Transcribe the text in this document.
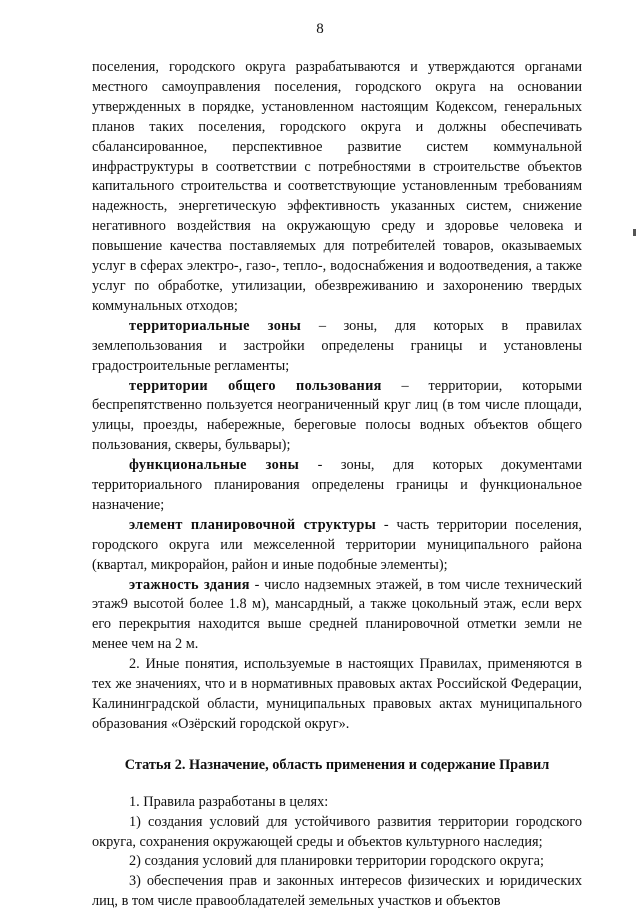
8

поселения, городского округа разрабатываются и утверждаются органами местного самоуправления поселения, городского округа на основании утвержденных в порядке, установленном настоящим Кодексом, генеральных планов таких поселения, городского округа и должны обеспечивать сбалансированное, перспективное развитие систем коммунальной инфраструктуры в соответствии с потребностями в строительстве объектов капитального строительства и соответствующие установленным требованиям надежность, энергетическую эффективность указанных систем, снижение негативного воздействия на окружающую среду и здоровье человека и повышение качества поставляемых для потребителей товаров, оказываемых услуг в сферах электро-, газо-, тепло-, водоснабжения и водоотведения, а также услуг по обработке, утилизации, обезвреживанию и захоронению твердых коммунальных отходов;

территориальные зоны – зоны, для которых в правилах землепользования и застройки определены границы и установлены градостроительные регламенты;

территории общего пользования – территории, которыми беспрепятственно пользуется неограниченный круг лиц (в том числе площади, улицы, проезды, набережные, береговые полосы водных объектов общего пользования, скверы, бульвары);

функциональные зоны - зоны, для которых документами территориального планирования определены границы и функциональное назначение;

элемент планировочной структуры - часть территории поселения, городского округа или межселенной территории муниципального района (квартал, микрорайон, район и иные подобные элементы);

этажность здания - число надземных этажей, в том числе технический этаж9 высотой более 1.8 м), мансардный, а также цокольный этаж, если верх его перекрытия находится выше средней планировочной отметки земли не менее чем на 2 м.

2. Иные понятия, используемые в настоящих Правилах, применяются в тех же значениях, что и в нормативных правовых актах Российской Федерации, Калининградской области, муниципальных правовых актах муниципального образования «Озёрский городской округ».

Статья 2. Назначение, область применения и содержание Правил

1. Правила разработаны в целях:

1) создания условий для устойчивого развития территории городского округа, сохранения окружающей среды и объектов культурного наследия;

2) создания условий для планировки территории городского округа;

3) обеспечения прав и законных интересов физических и юридических лиц, в том числе правообладателей земельных участков и объектов
